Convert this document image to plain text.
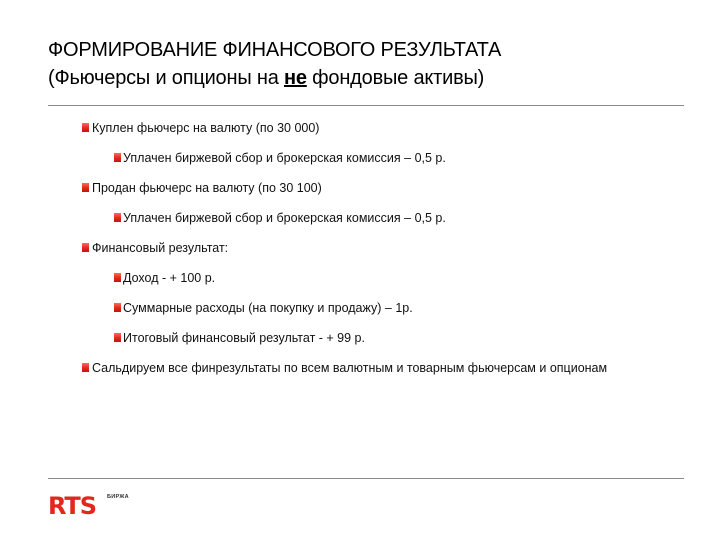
ФОРМИРОВАНИЕ ФИНАНСОВОГО РЕЗУЛЬТАТА
(Фьючерсы и опционы на не фондовые активы)
Куплен фьючерс на валюту (по 30 000)
Уплачен биржевой сбор и брокерская комиссия – 0,5 р.
Продан фьючерс на валюту (по 30 100)
Уплачен биржевой сбор и брокерская комиссия – 0,5 р.
Финансовый результат:
Доход - + 100 р.
Суммарные расходы (на покупку и продажу) – 1р.
Итоговый финансовый результат - + 99 р.
Сальдируем все финрезультаты по всем валютным и товарным фьючерсам и опционам
RTS БИРЖА
